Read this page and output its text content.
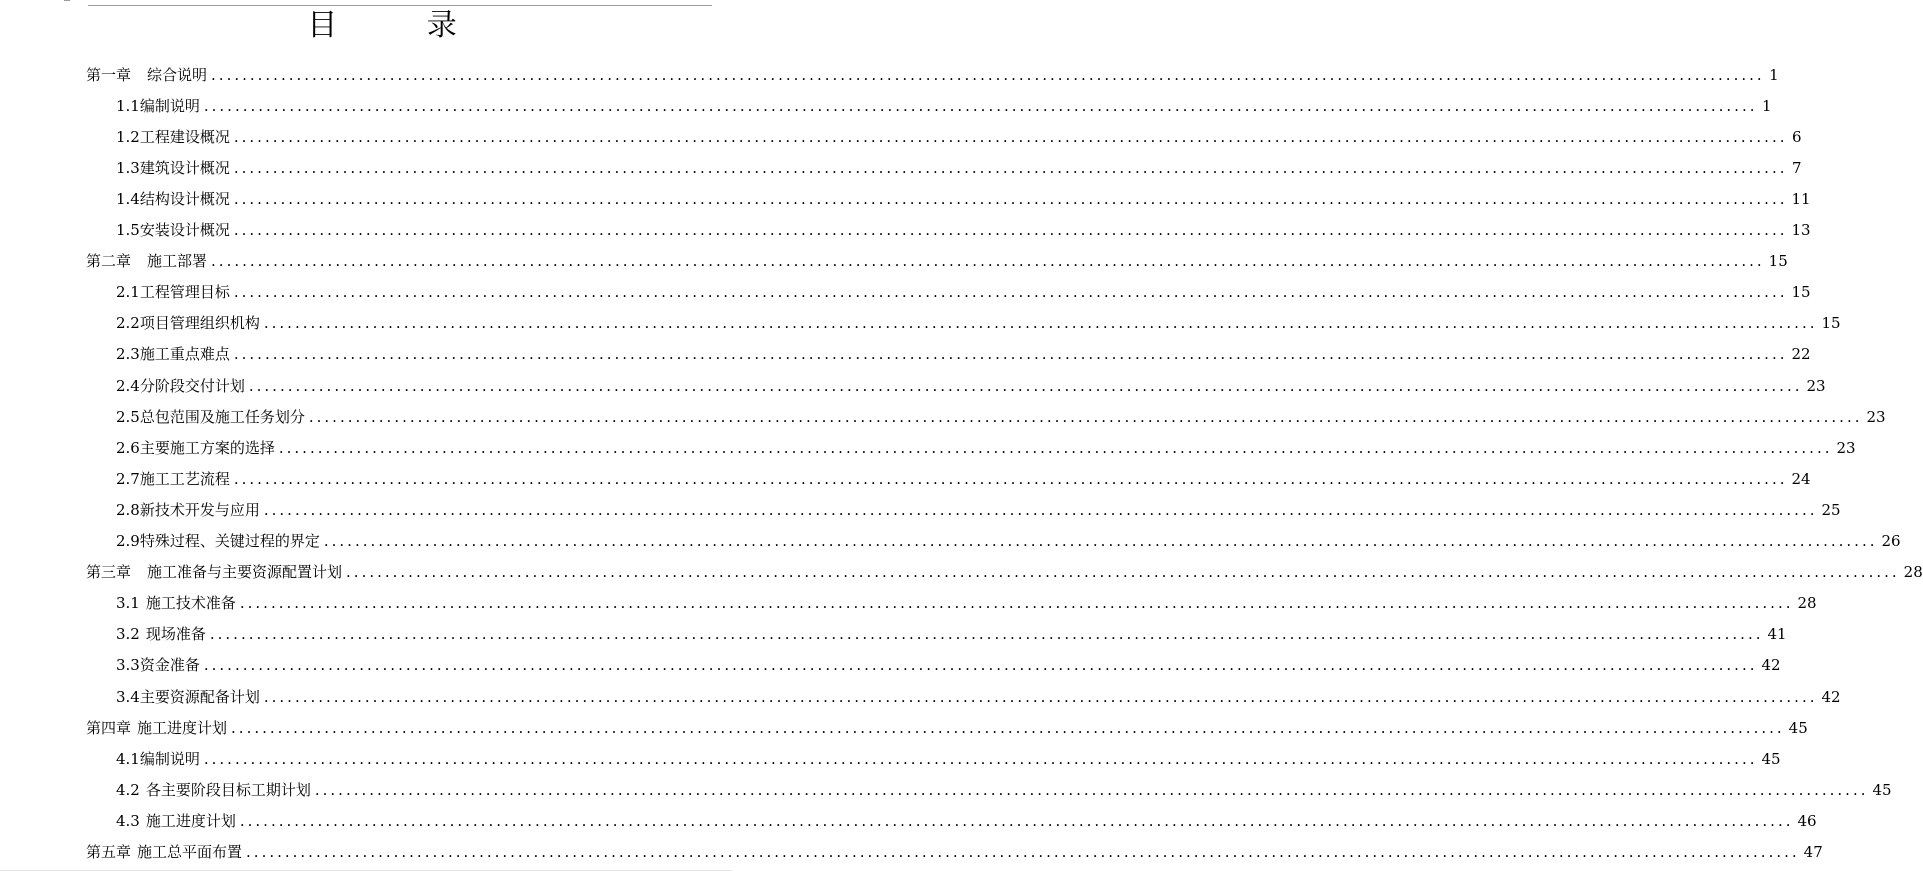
目 录
第一章 综合说明 ........................................................................................................................................................................................................ 1
1.1编制说明 ........................................................................................................................................................................................................ 1
1.2工程建设概况 ........................................................................................................................................................................................................ 6
1.3建筑设计概况 ........................................................................................................................................................................................................ 7
1.4结构设计概况 ........................................................................................................................................................................................................ 11
1.5安装设计概况 ........................................................................................................................................................................................................ 13
第二章 施工部署 ........................................................................................................................................................................................................ 15
2.1工程管理目标 ........................................................................................................................................................................................................ 15
2.2项目管理组织机构 ........................................................................................................................................................................................................ 15
2.3施工重点难点 ........................................................................................................................................................................................................ 22
2.4分阶段交付计划 ........................................................................................................................................................................................................ 23
2.5总包范围及施工任务划分 ........................................................................................................................................................................................................ 23
2.6主要施工方案的选择 ........................................................................................................................................................................................................ 23
2.7施工工艺流程 ........................................................................................................................................................................................................ 24
2.8新技术开发与应用 ........................................................................................................................................................................................................ 25
2.9特殊过程、关键过程的界定 ........................................................................................................................................................................................................ 26
第三章 施工准备与主要资源配置计划 ........................................................................................................................................................................................................ 28
3.1 施工技术准备 ........................................................................................................................................................................................................ 28
3.2 现场准备 ........................................................................................................................................................................................................ 41
3.3资金准备 ........................................................................................................................................................................................................ 42
3.4主要资源配备计划 ........................................................................................................................................................................................................ 42
第四章 施工进度计划 ........................................................................................................................................................................................................ 45
4.1编制说明 ........................................................................................................................................................................................................ 45
4.2 各主要阶段目标工期计划 ........................................................................................................................................................................................................ 45
4.3 施工进度计划 ........................................................................................................................................................................................................ 46
第五章 施工总平面布置 ........................................................................................................................................................................................................ 47
